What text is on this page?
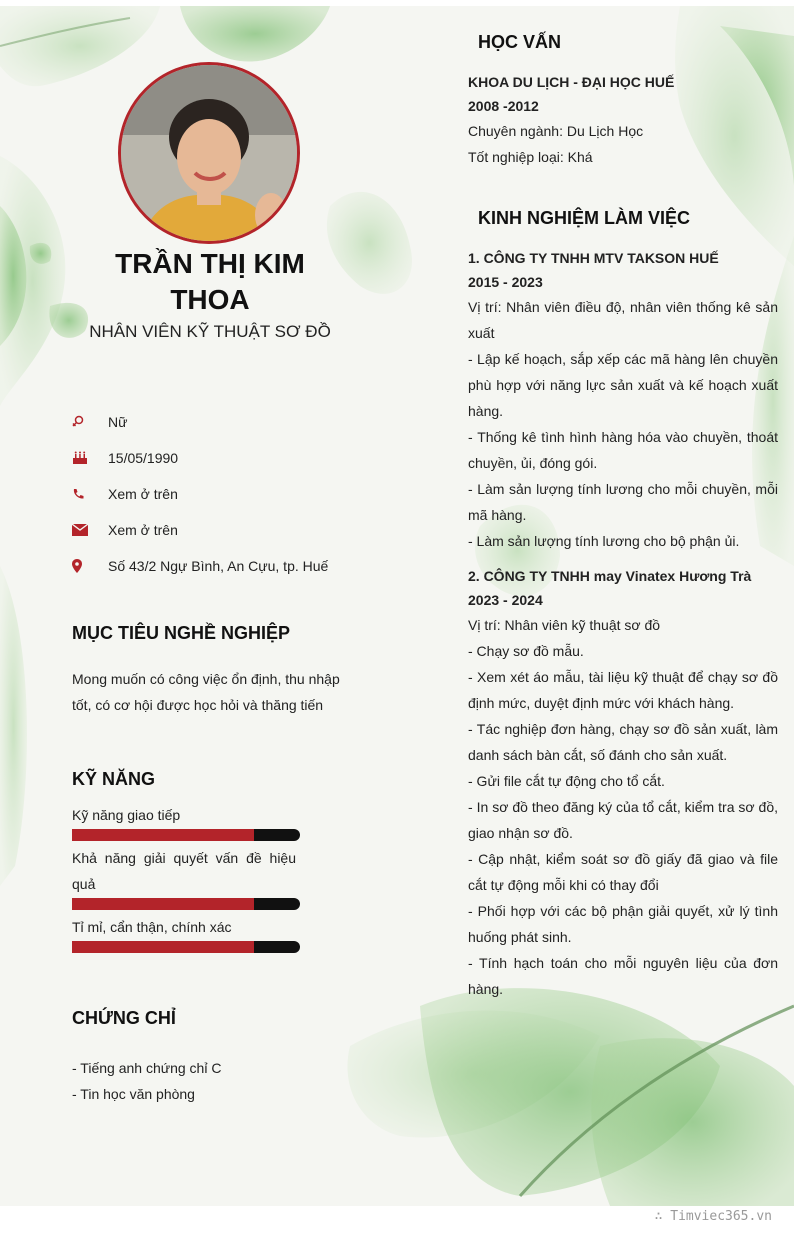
TRẦN THỊ KIM
THOA
NHÂN VIÊN KỸ THUẬT SƠ ĐỒ
Nữ
15/05/1990
Xem ở trên
Xem ở trên
Số 43/2 Ngự Bình, An Cựu, tp. Huế
MỤC TIÊU NGHỀ NGHIỆP
Mong muốn có công việc ổn định, thu nhập tốt, có cơ hội được học hỏi và thăng tiến
KỸ NĂNG
Kỹ năng giao tiếp
Khả năng giải quyết vấn đề hiệu quả
Tỉ mỉ, cẩn thận, chính xác
CHỨNG CHỈ
- Tiếng anh chứng chỉ C
- Tin học văn phòng
HỌC VẤN
KHOA DU LỊCH - ĐẠI HỌC HUẾ
2008 -2012
Chuyên ngành: Du Lịch Học
Tốt nghiệp loại: Khá
KINH NGHIỆM LÀM VIỆC
1. CÔNG TY TNHH MTV TAKSON HUẾ
2015 - 2023
Vị trí: Nhân viên điều độ, nhân viên thống kê sản xuất
- Lập kế hoạch, sắp xếp các mã hàng lên chuyền phù hợp với năng lực sản xuất và kế hoạch xuất hàng.
- Thống kê tình hình hàng hóa vào chuyền, thoát chuyền, ủi, đóng gói.
- Làm sản lượng tính lương cho mỗi chuyền, mỗi mã hàng.
- Làm sản lượng tính lương cho bộ phận ủi.
2. CÔNG TY TNHH may Vinatex Hương Trà
2023 - 2024
Vị trí: Nhân viên kỹ thuật sơ đồ
- Chạy sơ đồ mẫu.
- Xem xét áo mẫu, tài liệu kỹ thuật để chạy sơ đồ định mức, duyệt định mức với khách hàng.
- Tác nghiệp đơn hàng, chạy sơ đồ sản xuất, làm danh sách bàn cắt, số đánh cho sản xuất.
- Gửi file cắt tự động cho tổ cắt.
- In sơ đồ theo đăng ký của tổ cắt, kiểm tra sơ đồ, giao nhận sơ đồ.
- Cập nhật, kiểm soát sơ đồ giấy đã giao và file cắt tự động mỗi khi có thay đổi
- Phối hợp với các bộ phận giải quyết, xử lý tình huống phát sinh.
- Tính hạch toán cho mỗi nguyên liệu của đơn hàng.
∴ Timviec365.vn
